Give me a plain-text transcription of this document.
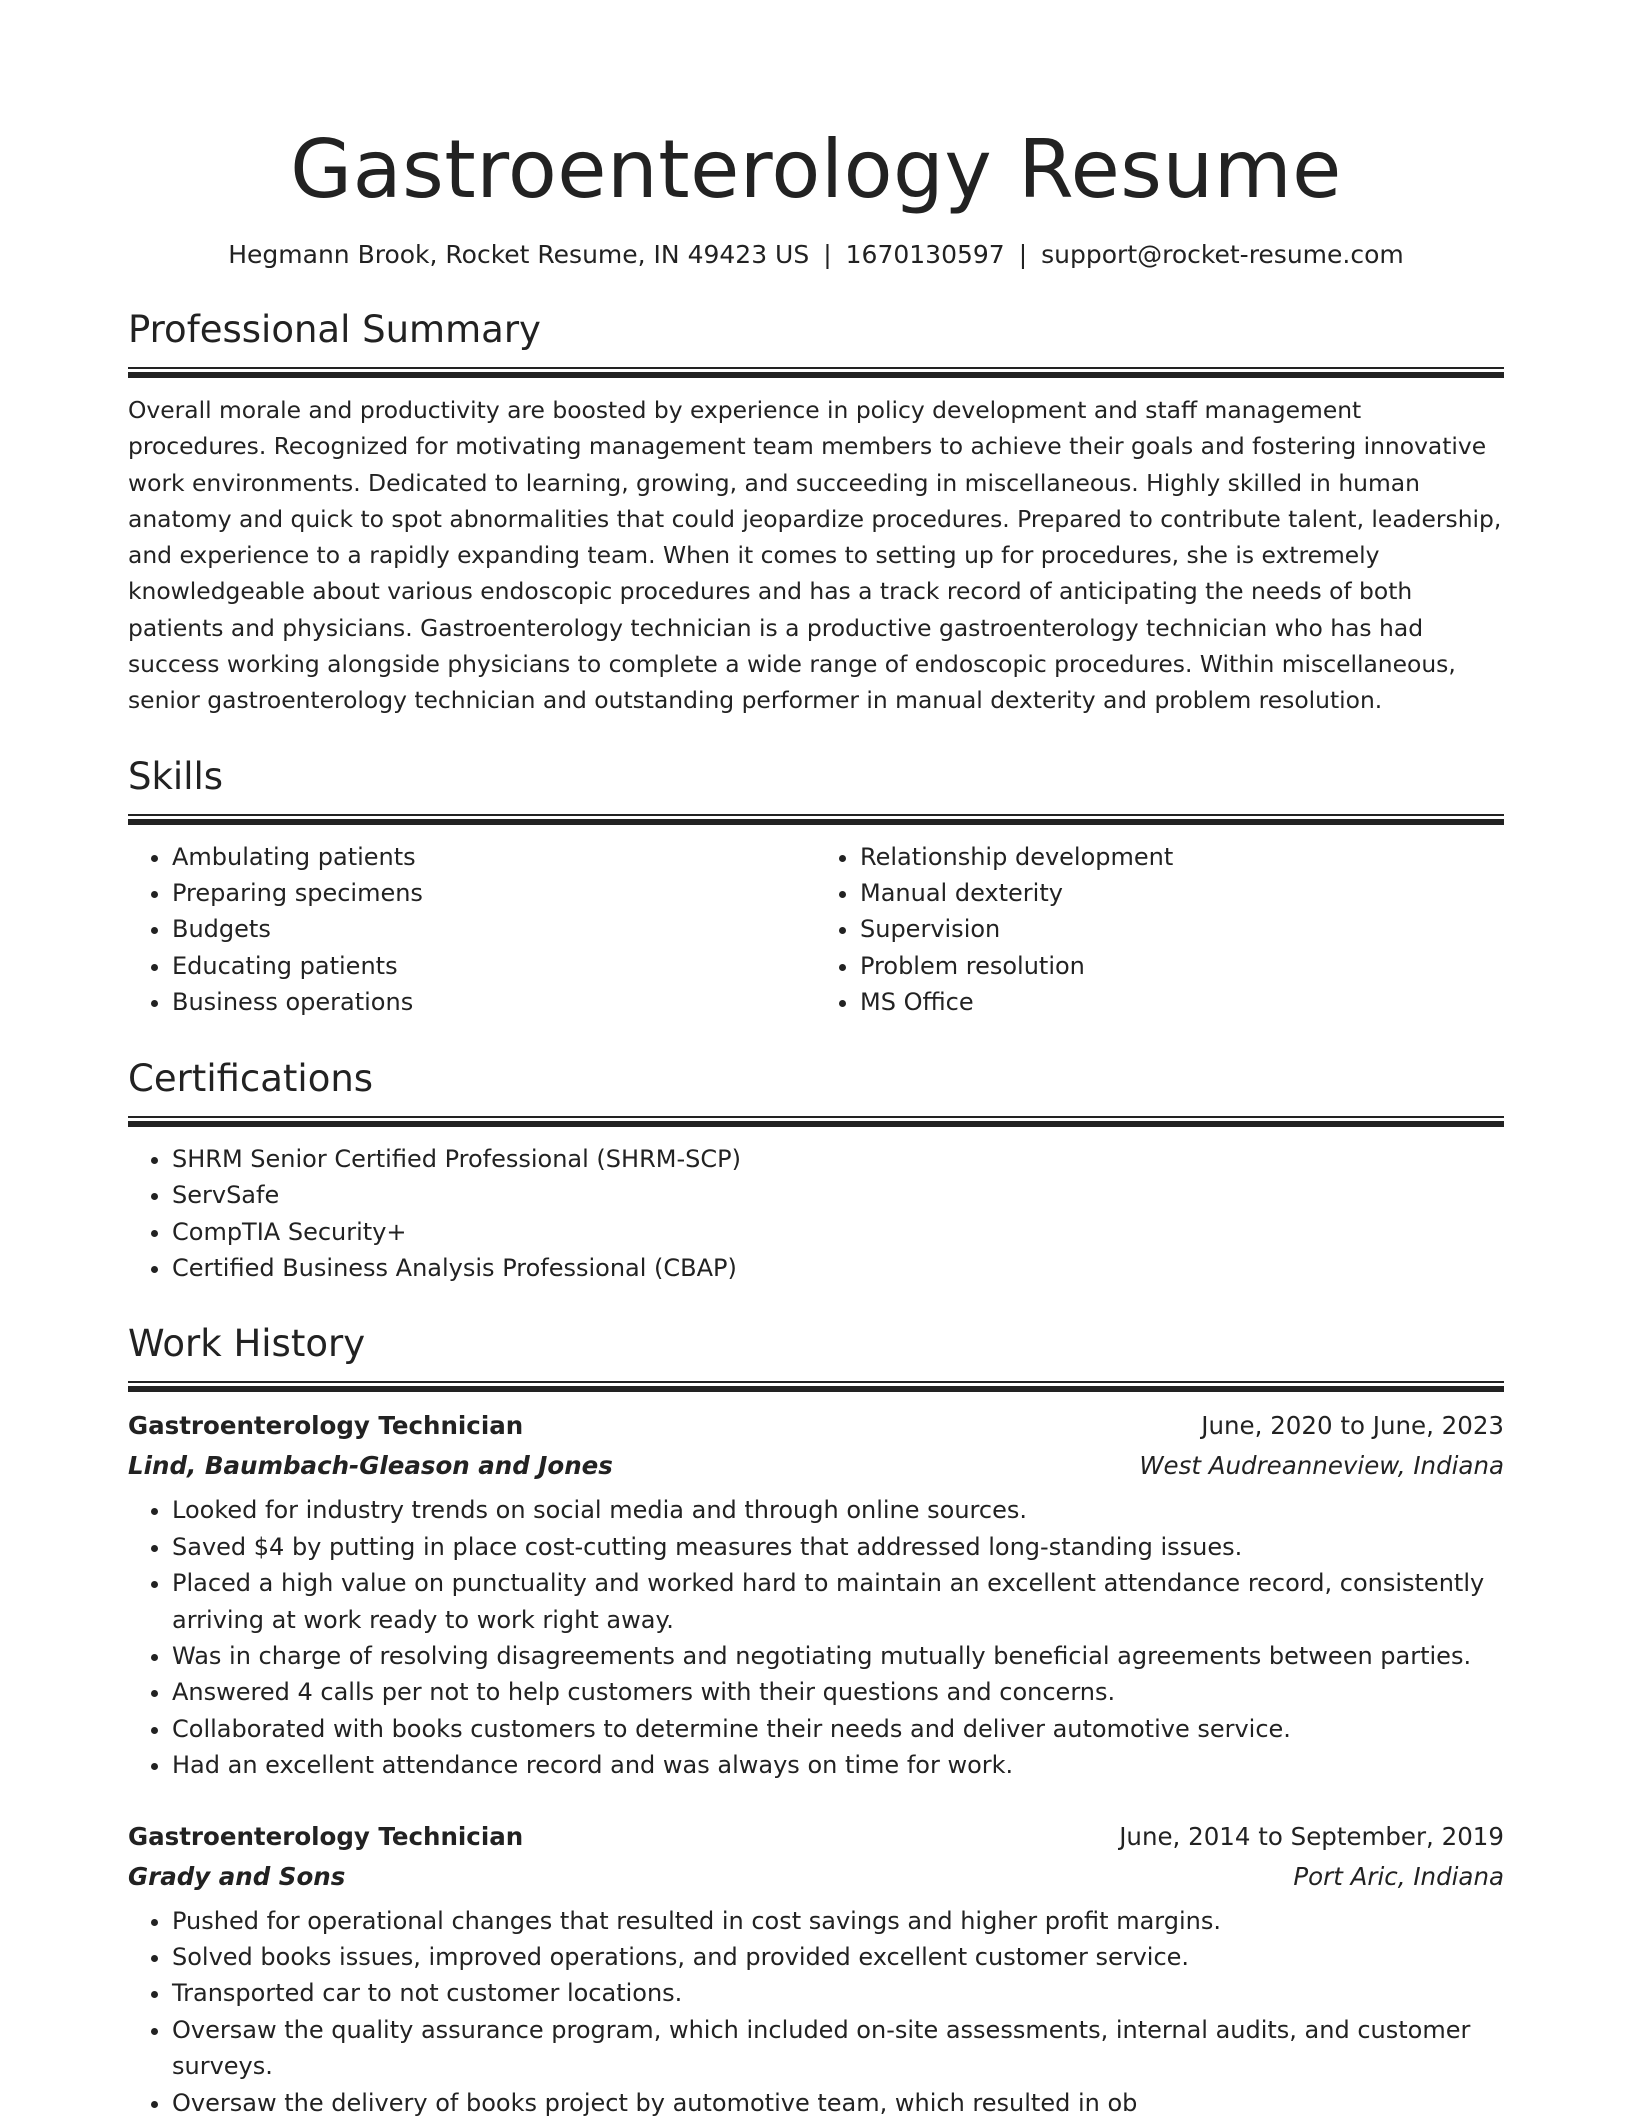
Gastroenterology Resume
Hegmann Brook, Rocket Resume, IN 49423 US | 1670130597 | support@rocket-resume.com
Professional Summary

Overall morale and productivity are boosted by experience in policy development and staff management procedures. Recognized for motivating management team members to achieve their goals and fostering innovative work environments. Dedicated to learning, growing, and succeeding in miscellaneous. Highly skilled in human anatomy and quick to spot abnormalities that could jeopardize procedures. Prepared to contribute talent, leadership, and experience to a rapidly expanding team. When it comes to setting up for procedures, she is extremely knowledgeable about various endoscopic procedures and has a track record of anticipating the needs of both patients and physicians. Gastroenterology technician is a productive gastroenterology technician who has had success working alongside physicians to complete a wide range of endoscopic procedures. Within miscellaneous, senior gastroenterology technician and outstanding performer in manual dexterity and problem resolution.

Skills
• Ambulating patients
• Preparing specimens
• Budgets
• Educating patients
• Business operations
• Relationship development
• Manual dexterity
• Supervision
• Problem resolution
• MS Office
Certifications
• SHRM Senior Certified Professional (SHRM-SCP)
• ServSafe
• CompTIA Security+
• Certified Business Analysis Professional (CBAP)
Work History
Gastroenterology Technician	June, 2020 to June, 2023
Lind, Baumbach-Gleason and Jones	West Audreanneview, Indiana
• Looked for industry trends on social media and through online sources.
• Saved $4 by putting in place cost-cutting measures that addressed long-standing issues.
• Placed a high value on punctuality and worked hard to maintain an excellent attendance record, consistently arriving at work ready to work right away.
• Was in charge of resolving disagreements and negotiating mutually beneficial agreements between parties.
• Answered 4 calls per not to help customers with their questions and concerns.
• Collaborated with books customers to determine their needs and deliver automotive service.
• Had an excellent attendance record and was always on time for work.
Gastroenterology Technician	June, 2014 to September, 2019
Grady and Sons	Port Aric, Indiana
• Pushed for operational changes that resulted in cost savings and higher profit margins.
• Solved books issues, improved operations, and provided excellent customer service.
• Transported car to not customer locations.
• Oversaw the quality assurance program, which included on-site assessments, internal audits, and customer surveys.
• Oversaw the delivery of books project by automotive team, which resulted in ob
